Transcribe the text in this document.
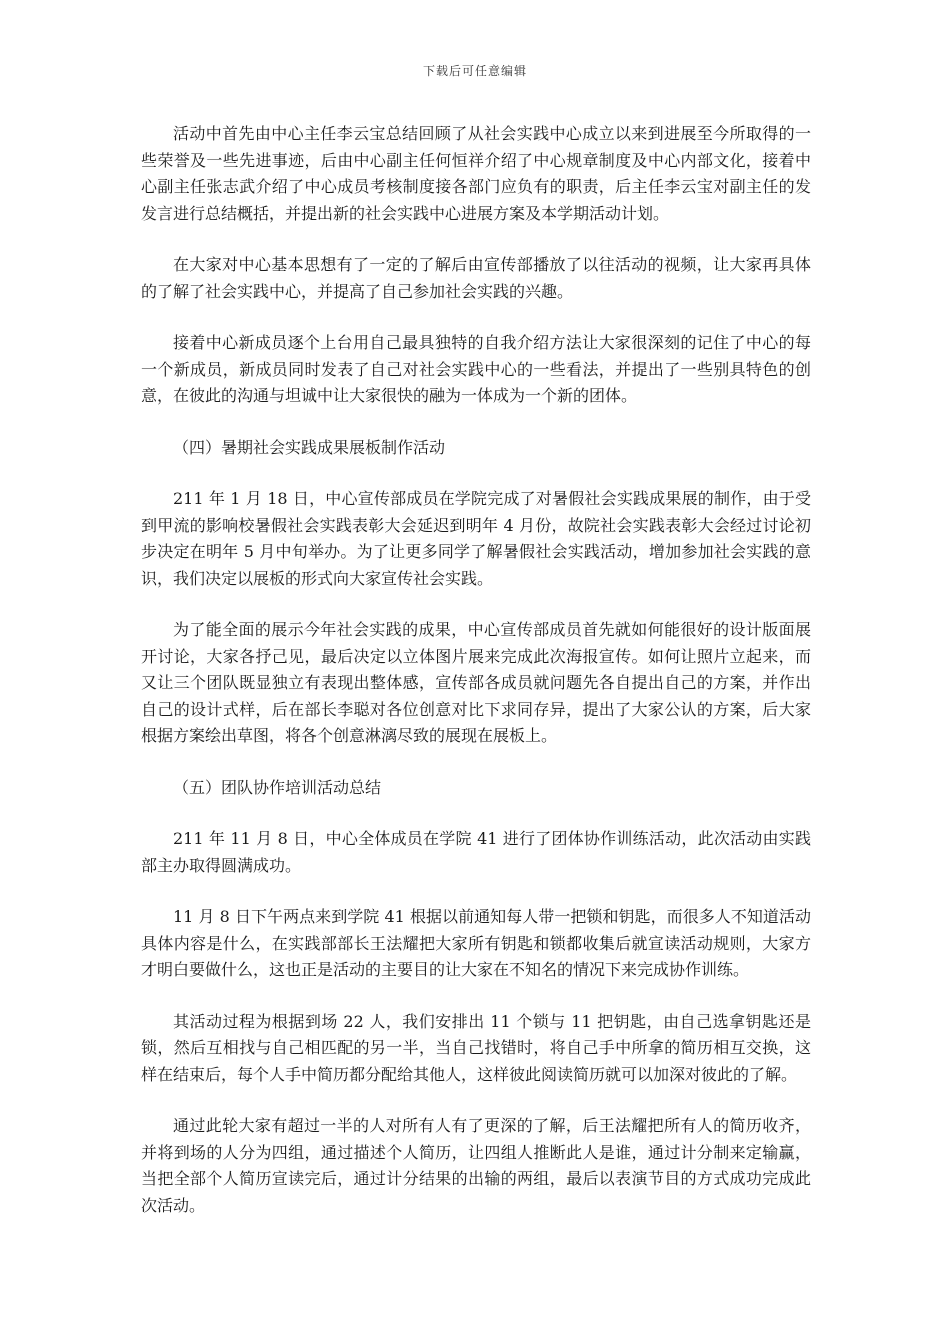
下载后可任意编辑

活动中首先由中心主任李云宝总结回顾了从社会实践中心成立以来到进展至今所取得的一些荣誉及一些先进事迹，后由中心副主任何恒祥介绍了中心规章制度及中心内部文化，接着中心副主任张志武介绍了中心成员考核制度接各部门应负有的职责，后主任李云宝对副主任的发发言进行总结概括，并提出新的社会实践中心进展方案及本学期活动计划。

在大家对中心基本思想有了一定的了解后由宣传部播放了以往活动的视频，让大家再具体的了解了社会实践中心，并提高了自己参加社会实践的兴趣。

接着中心新成员逐个上台用自己最具独特的自我介绍方法让大家很深刻的记住了中心的每一个新成员，新成员同时发表了自己对社会实践中心的一些看法，并提出了一些别具特色的创意，在彼此的沟通与坦诚中让大家很快的融为一体成为一个新的团体。

（四）暑期社会实践成果展板制作活动

211 年 1 月 18 日，中心宣传部成员在学院完成了对暑假社会实践成果展的制作，由于受到甲流的影响校暑假社会实践表彰大会延迟到明年 4 月份，故院社会实践表彰大会经过讨论初步决定在明年 5 月中旬举办。为了让更多同学了解暑假社会实践活动，增加参加社会实践的意识，我们决定以展板的形式向大家宣传社会实践。

为了能全面的展示今年社会实践的成果，中心宣传部成员首先就如何能很好的设计版面展开讨论，大家各抒己见，最后决定以立体图片展来完成此次海报宣传。如何让照片立起来，而又让三个团队既显独立有表现出整体感，宣传部各成员就问题先各自提出自己的方案，并作出自己的设计式样，后在部长李聪对各位创意对比下求同存异，提出了大家公认的方案，后大家根据方案绘出草图，将各个创意淋漓尽致的展现在展板上。

（五）团队协作培训活动总结

211 年 11 月 8 日，中心全体成员在学院 41 进行了团体协作训练活动，此次活动由实践部主办取得圆满成功。

11 月 8 日下午两点来到学院 41 根据以前通知每人带一把锁和钥匙，而很多人不知道活动具体内容是什么，在实践部部长王法耀把大家所有钥匙和锁都收集后就宣读活动规则，大家方才明白要做什么，这也正是活动的主要目的让大家在不知名的情况下来完成协作训练。

其活动过程为根据到场 22 人，我们安排出 11 个锁与 11 把钥匙，由自己选拿钥匙还是锁，然后互相找与自己相匹配的另一半，当自己找错时，将自己手中所拿的简历相互交换，这样在结束后，每个人手中简历都分配给其他人，这样彼此阅读简历就可以加深对彼此的了解。

通过此轮大家有超过一半的人对所有人有了更深的了解，后王法耀把所有人的简历收齐，并将到场的人分为四组，通过描述个人简历，让四组人推断此人是谁，通过计分制来定输赢，当把全部个人简历宣读完后，通过计分结果的出输的两组，最后以表演节目的方式成功完成此次活动。
